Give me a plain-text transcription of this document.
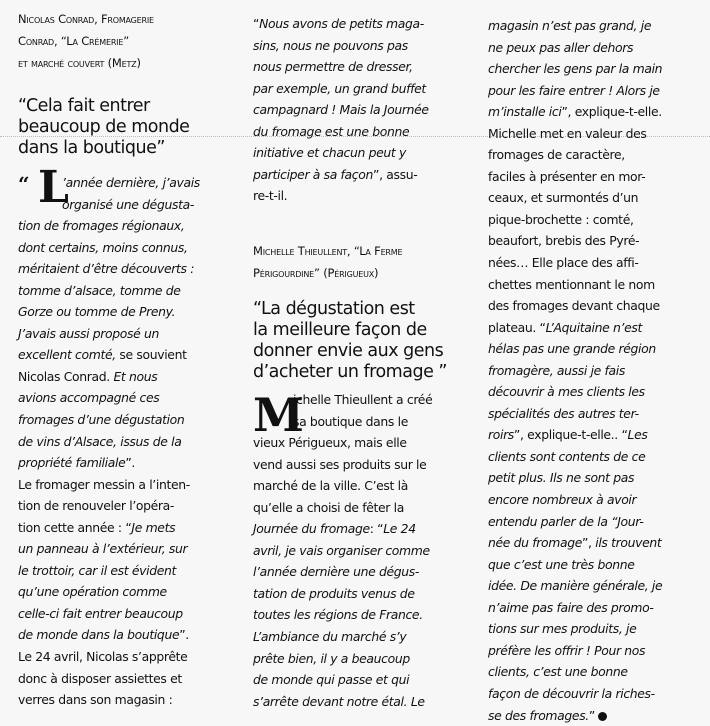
Nicolas Conrad, Fromagerie
Conrad, “La Crémerie”
et marché couvert (Metz)
“Cela fait entrer
beaucoup de monde
dans la boutique”
“ L
’année dernière, j’avais
organisé une dégusta-
tion de fromages régionaux,
dont certains, moins connus,
méritaient d’être découverts :
tomme d’alsace, tomme de
Gorze ou tomme de Preny.
J’avais aussi proposé un
excellent comté, se souvient
Nicolas Conrad. Et nous
avions accompagné ces
fromages d’une dégustation
de vins d’Alsace, issus de la
propriété familiale”.
Le fromager messin a l’inten-
tion de renouveler l’opéra-
tion cette année : “Je mets
un panneau à l’extérieur, sur
le trottoir, car il est évident
qu’une opération comme
celle-ci fait entrer beaucoup
de monde dans la boutique”.
Le 24 avril, Nicolas s’apprête
donc à disposer assiettes et
verres dans son magasin :
“Nous avons de petits maga-
sins, nous ne pouvons pas
nous permettre de dresser,
par exemple, un grand buffet
campagnard ! Mais la Journée
du fromage est une bonne
initiative et chacun peut y
participer à sa façon”, assu-
re-t-il.
Michelle Thieullent, “La Ferme
Périgourdine” (Périgueux)
“La dégustation est
la meilleure façon de
donner envie aux gens
d’acheter un fromage ”
M
ichelle Thieullent a créé
sa boutique dans le
vieux Périgueux, mais elle
vend aussi ses produits sur le
marché de la ville. C’est là
qu’elle a choisi de fêter la
Journée du fromage: “Le 24
avril, je vais organiser comme
l’année dernière une dégus-
tation de produits venus de
toutes les régions de France.
L’ambiance du marché s’y
prête bien, il y a beaucoup
de monde qui passe et qui
s’arrête devant notre étal. Le
magasin n’est pas grand, je
ne peux pas aller dehors
chercher les gens par la main
pour les faire entrer ! Alors je
m’installe ici”, explique-t-elle.
Michelle met en valeur des
fromages de caractère,
faciles à présenter en mor-
ceaux, et surmontés d’un
pique-brochette : comté,
beaufort, brebis des Pyré-
nées… Elle place des affi-
chettes mentionnant le nom
des fromages devant chaque
plateau. “L’Aquitaine n’est
hélas pas une grande région
fromagère, aussi je fais
découvrir à mes clients les
spécialités des autres ter-
roirs”, explique-t-elle.. “Les
clients sont contents de ce
petit plus. Ils ne sont pas
encore nombreux à avoir
entendu parler de la “Jour-
née du fromage”, ils trouvent
que c’est une très bonne
idée. De manière générale, je
n’aime pas faire des promo-
tions sur mes produits, je
préfère les offrir ! Pour nos
clients, c’est une bonne
façon de découvrir la riches-
se des fromages.”
